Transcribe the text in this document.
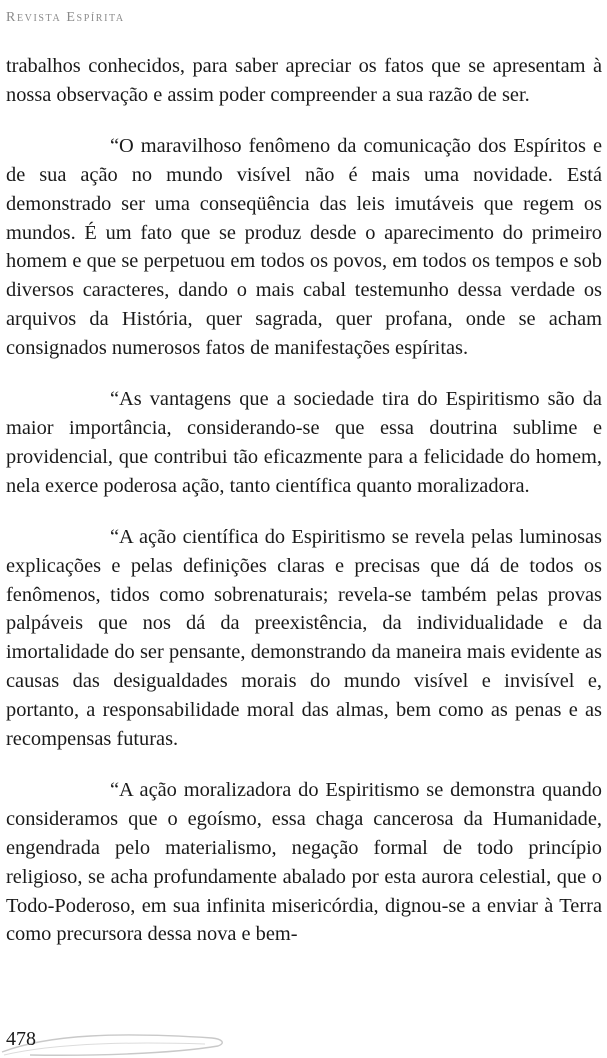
Revista Espírita

trabalhos conhecidos, para saber apreciar os fatos que se apresentam à nossa observação e assim poder compreender a sua razão de ser.

“O maravilhoso fenômeno da comunicação dos Espíritos e de sua ação no mundo visível não é mais uma novidade. Está demonstrado ser uma conseqüência das leis imutáveis que regem os mundos. É um fato que se produz desde o aparecimento do primeiro homem e que se perpetuou em todos os povos, em todos os tempos e sob diversos caracteres, dando o mais cabal testemunho dessa verdade os arquivos da História, quer sagrada, quer profana, onde se acham consignados numerosos fatos de manifestações espíritas.

“As vantagens que a sociedade tira do Espiritismo são da maior importância, considerando-se que essa doutrina sublime e providencial, que contribui tão eficazmente para a felicidade do homem, nela exerce poderosa ação, tanto científica quanto moralizadora.

“A ação científica do Espiritismo se revela pelas luminosas explicações e pelas definições claras e precisas que dá de todos os fenômenos, tidos como sobrenaturais; revela-se também pelas provas palpáveis que nos dá da preexistência, da individualidade e da imortalidade do ser pensante, demonstrando da maneira mais evidente as causas das desigualdades morais do mundo visível e invisível e, portanto, a responsabilidade moral das almas, bem como as penas e as recompensas futuras.

“A ação moralizadora do Espiritismo se demonstra quando consideramos que o egoísmo, essa chaga cancerosa da Humanidade, engendrada pelo materialismo, negação formal de todo princípio religioso, se acha profundamente abalado por esta aurora celestial, que o Todo-Poderoso, em sua infinita misericórdia, dignou-se a enviar à Terra como precursora dessa nova e bem-

478
